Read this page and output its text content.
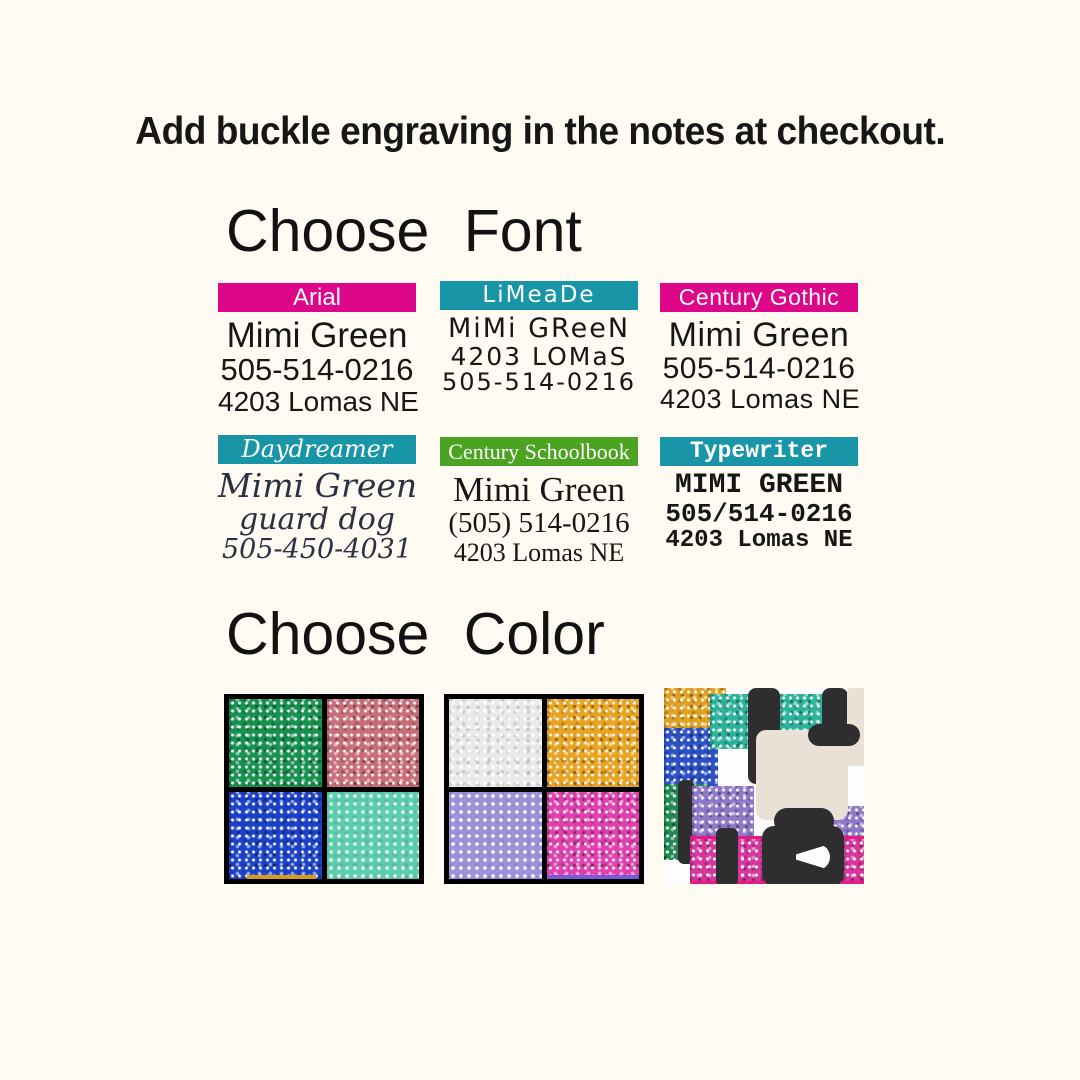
Add buckle engraving in the notes at checkout.
Choose Font
Arial
Mimi Green
505-514-0216
4203 Lomas NE
LiMeaDe
MiMi GReeN
4203 LOMaS
505-514-0216
Century Gothic
Mimi Green
505-514-0216
4203 Lomas NE
Daydreamer
Mimi Green
guard dog
505-450-4031
Century Schoolbook
Mimi Green
(505) 514-0216
4203 Lomas NE
Typewriter
MIMI GREEN
505/514-0216
4203 Lomas NE
Choose Color
